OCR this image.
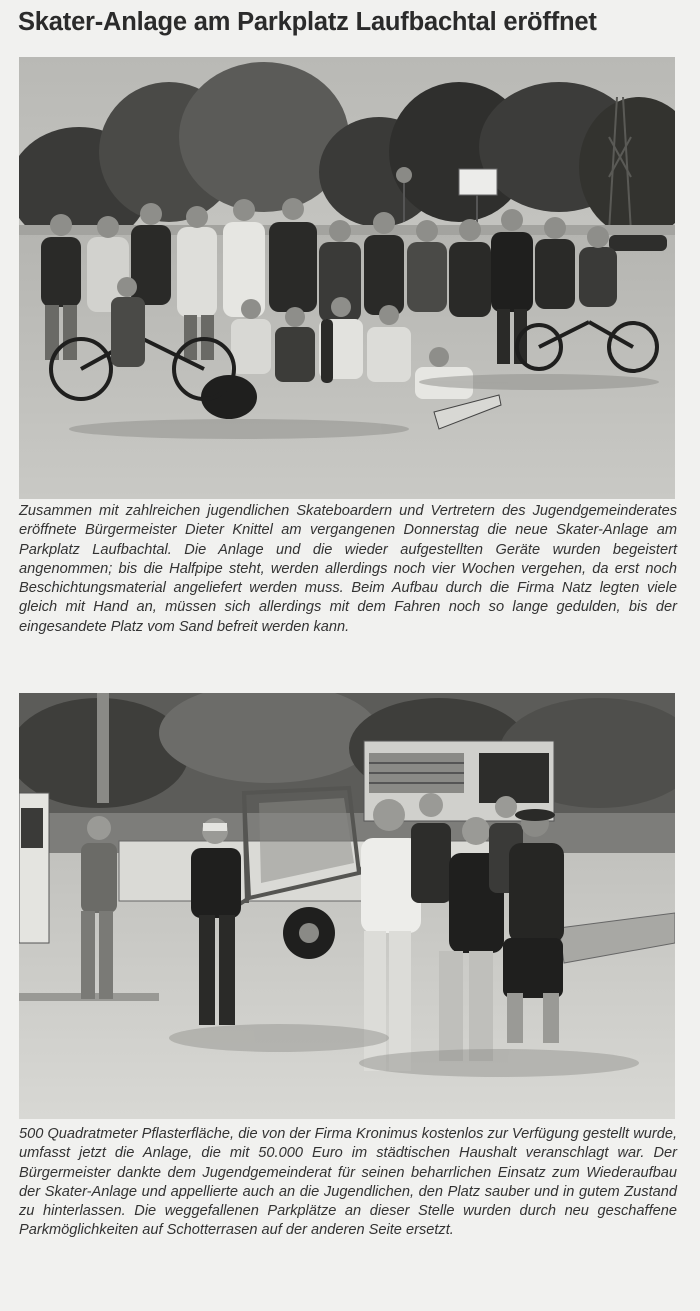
Skater-Anlage am Parkplatz Laufbachtal eröffnet

Zusammen mit zahlreichen jugendlichen Skateboardern und Vertretern des Jugendgemeinderates eröffnete Bürgermeister Dieter Knittel am vergangenen Donnerstag die neue Skater-Anlage am Parkplatz Laufbachtal. Die Anlage und die wieder aufgestellten Geräte wurden begeistert angenommen; bis die Halfpipe steht, werden allerdings noch vier Wochen vergehen, da erst noch Beschichtungsmaterial angeliefert werden muss. Beim Aufbau durch die Firma Natz legten viele gleich mit Hand an, müssen sich allerdings mit dem Fahren noch so lange gedulden, bis der eingesandete Platz vom Sand befreit werden kann.

500 Quadratmeter Pflasterfläche, die von der Firma Kronimus kostenlos zur Verfügung gestellt wurde, umfasst jetzt die Anlage, die mit 50.000 Euro im städtischen Haushalt veranschlagt war. Der Bürgermeister dankte dem Jugendgemeinderat für seinen beharrlichen Einsatz zum Wiederaufbau der Skater-Anlage und appellierte auch an die Jugendlichen, den Platz sauber und in gutem Zustand zu hinterlassen. Die weggefallenen Parkplätze an dieser Stelle wurden durch neu geschaffene Parkmöglichkeiten auf Schotterrasen auf der anderen Seite ersetzt.
